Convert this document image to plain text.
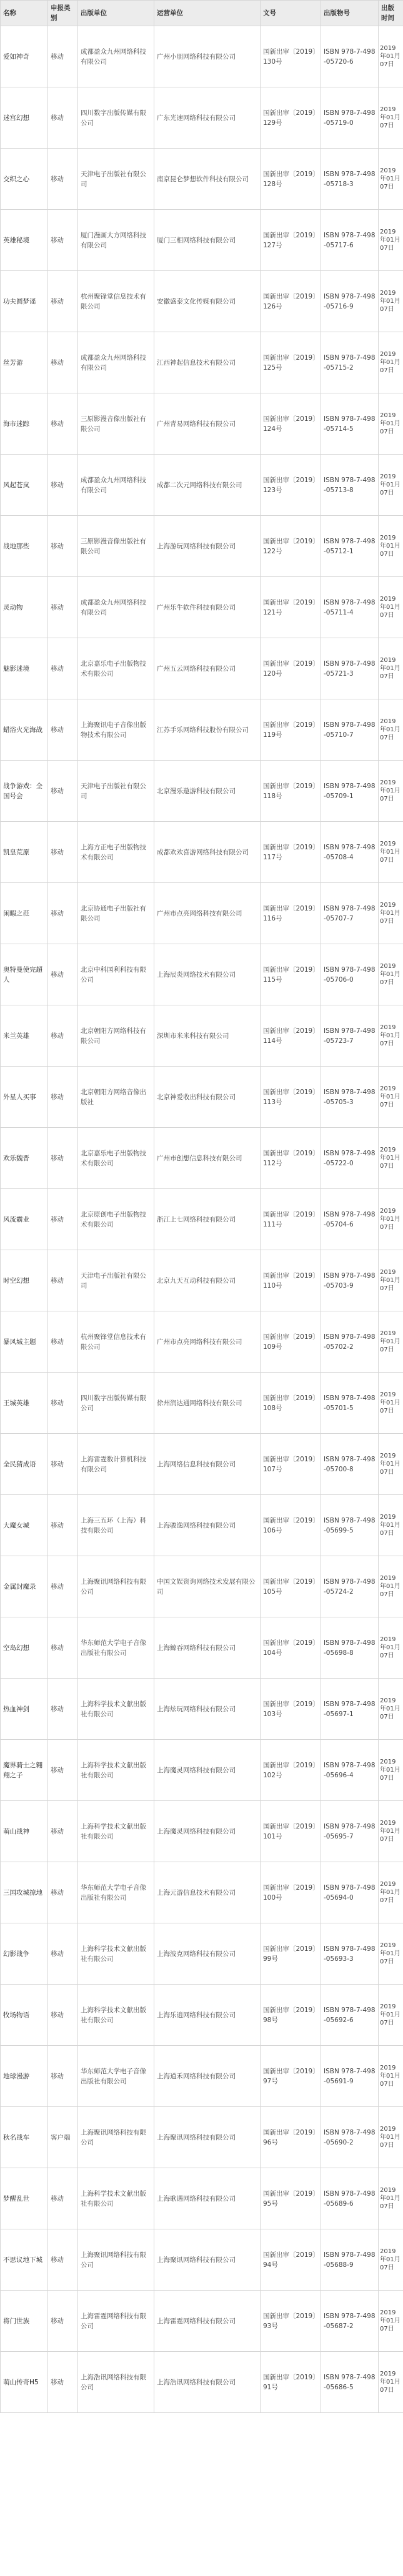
名称	申报类别	出版单位	运营单位	文号	出版物号	出版时间
爱如神奇	移动	成都盈众九州网络科技有限公司	广州小朋网络科技有限公司	国新出审〔2019〕130号	ISBN 978-7-498-05720-6	2019年01月07日
迷宫幻想	移动	四川数字出版传媒有限公司	广东光速网络科技有限公司	国新出审〔2019〕129号	ISBN 978-7-498-05719-0	2019年01月07日
交织之心	移动	天津电子出版社有限公司	南京昆仑梦想软件科技有限公司	国新出审〔2019〕128号	ISBN 978-7-498-05718-3	2019年01月07日
英雄秘境	移动	厦门漫画大方网络科技有限公司	厦门三相网络科技有限公司	国新出审〔2019〕127号	ISBN 978-7-498-05717-6	2019年01月07日
功夫圆梦谣	移动	杭州聚锋堂信息技术有限公司	安徽盛泰文化传媒有限公司	国新出审〔2019〕126号	ISBN 978-7-498-05716-9	2019年01月07日
丝芳游	移动	成都盈众九州网络科技有限公司	江西神起信息技术有限公司	国新出审〔2019〕125号	ISBN 978-7-498-05715-2	2019年01月07日
海市迷踪	移动	三原影漫音像出版社有限公司	广州青易网络科技有限公司	国新出审〔2019〕124号	ISBN 978-7-498-05714-5	2019年01月07日
风起苍岚	移动	成都盈众九州网络科技有限公司	成都二次元网络科技有限公司	国新出审〔2019〕123号	ISBN 978-7-498-05713-8	2019年01月07日
战地那些	移动	三原影漫音像出版社有限公司	上海游玩网络科技有限公司	国新出审〔2019〕122号	ISBN 978-7-498-05712-1	2019年01月07日
灵动物	移动	成都盈众九州网络科技有限公司	广州乐牛软件科技有限公司	国新出审〔2019〕121号	ISBN 978-7-498-05711-4	2019年01月07日
魅影迷境	移动	北京嘉乐电子出版物技术有限公司	广州五云网络科技有限公司	国新出审〔2019〕120号	ISBN 978-7-498-05721-3	2019年01月07日
蜡浴火光海战	移动	上海聚讯电子音像出版物技术有限公司	江苏手乐网络科技股份有限公司	国新出审〔2019〕119号	ISBN 978-7-498-05710-7	2019年01月07日
战争游戏：全国号会	移动	天津电子出版社有限公司	北京漫乐遨游科技有限公司	国新出审〔2019〕118号	ISBN 978-7-498-05709-1	2019年01月07日
凯皇荒原	移动	上海方正电子出版物技术有限公司	成都欢欢喜游网络科技有限公司	国新出审〔2019〕117号	ISBN 978-7-498-05708-4	2019年01月07日
闲暇之范	移动	北京协通电子出版社有限公司	广州市点亮网络科技有限公司	国新出审〔2019〕116号	ISBN 978-7-498-05707-7	2019年01月07日
奥特曼使完超人	移动	北京中科国利科技有限公司	上海辰炎网络技术有限公司	国新出审〔2019〕115号	ISBN 978-7-498-05706-0	2019年01月07日
米兰英雄	移动	北京朝阳方网络科技有限公司	深圳市米米科技有限公司	国新出审〔2019〕114号	ISBN 978-7-498-05723-7	2019年01月07日
外星人买事	移动	北京朝阳方网络音像出版社	北京神爱收出科技有限公司	国新出审〔2019〕113号	ISBN 978-7-498-05705-3	2019年01月07日
欢乐魏晋	移动	北京嘉乐电子出版物技术有限公司	广州市创想信息科技有限公司	国新出审〔2019〕112号	ISBN 978-7-498-05722-0	2019年01月07日
风流霸业	移动	北京原创电子出版物技术有限公司	浙江上七网络科技有限公司	国新出审〔2019〕111号	ISBN 978-7-498-05704-6	2019年01月07日
时空幻想	移动	天津电子出版社有限公司	北京九天互动科技有限公司	国新出审〔2019〕110号	ISBN 978-7-498-05703-9	2019年01月07日
暴风城主题	移动	杭州聚锋堂信息技术有限公司	广州市点亮网络科技有限公司	国新出审〔2019〕109号	ISBN 978-7-498-05702-2	2019年01月07日
王城英雄	移动	四川数字出版传媒有限公司	徐州润达通网络科技有限公司	国新出审〔2019〕108号	ISBN 978-7-498-05701-5	2019年01月07日
全民猜成语	移动	上海雷霆数计算机科技有限公司	上海网络信息科技有限公司	国新出审〔2019〕107号	ISBN 978-7-498-05700-8	2019年01月07日
大魔女城	移动	上海三五环（上海）科技有限公司	上海骏逸网络科技有限公司	国新出审〔2019〕106号	ISBN 978-7-498-05699-5	2019年01月07日
金属封魔录	移动	上海聚讯网络科技有限公司	中国文娱资询网络技术发展有限公司	国新出审〔2019〕105号	ISBN 978-7-498-05724-2	2019年01月07日
空岛幻想	移动	华东师范大学电子音像出版社有限公司	上海鲸吞网络科技有限公司	国新出审〔2019〕104号	ISBN 978-7-498-05698-8	2019年01月07日
热血神剑	移动	上海科学技术文献出版社有限公司	上海炫玩网络科技有限公司	国新出审〔2019〕103号	ISBN 978-7-498-05697-1	2019年01月07日
魔界骑士之翱翔之子	移动	上海科学技术文献出版社有限公司	上海魔灵网络科技有限公司	国新出审〔2019〕102号	ISBN 978-7-498-05696-4	2019年01月07日
萌山战神	移动	上海科学技术文献出版社有限公司	上海魔灵网络科技有限公司	国新出审〔2019〕101号	ISBN 978-7-498-05695-7	2019年01月07日
三国攻城掠地	移动	华东师范大学电子音像出版社有限公司	上海元游信息技术有限公司	国新出审〔2019〕100号	ISBN 978-7-498-05694-0	2019年01月07日
幻影战争	移动	上海科学技术文献出版社有限公司	上海波克网络科技有限公司	国新出审〔2019〕99号	ISBN 978-7-498-05693-3	2019年01月07日
牧场物语	移动	上海科学技术文献出版社有限公司	上海乐逍网络科技有限公司	国新出审〔2019〕98号	ISBN 978-7-498-05692-6	2019年01月07日
地球漫游	移动	华东师范大学电子音像出版社有限公司	上海道禾网络科技有限公司	国新出审〔2019〕97号	ISBN 978-7-498-05691-9	2019年01月07日
秋名战车	客户端	上海聚讯网络科技有限公司	上海聚讯网络科技有限公司	国新出审〔2019〕96号	ISBN 978-7-498-05690-2	2019年01月07日
梦醒乱世	移动	上海科学技术文献出版社有限公司	上海歌遇网络科技有限公司	国新出审〔2019〕95号	ISBN 978-7-498-05689-6	2019年01月07日
不思议地下城	移动	上海聚讯网络科技有限公司	上海聚讯网络科技有限公司	国新出审〔2019〕94号	ISBN 978-7-498-05688-9	2019年01月07日
将门世族	移动	上海雷霆网络科技有限公司	上海雷霆网络科技有限公司	国新出审〔2019〕93号	ISBN 978-7-498-05687-2	2019年01月07日
萌山传奇H5	移动	上海浩讯网络科技有限公司	上海浩讯网络科技有限公司	国新出审〔2019〕91号	ISBN 978-7-498-05686-5	2019年01月07日
